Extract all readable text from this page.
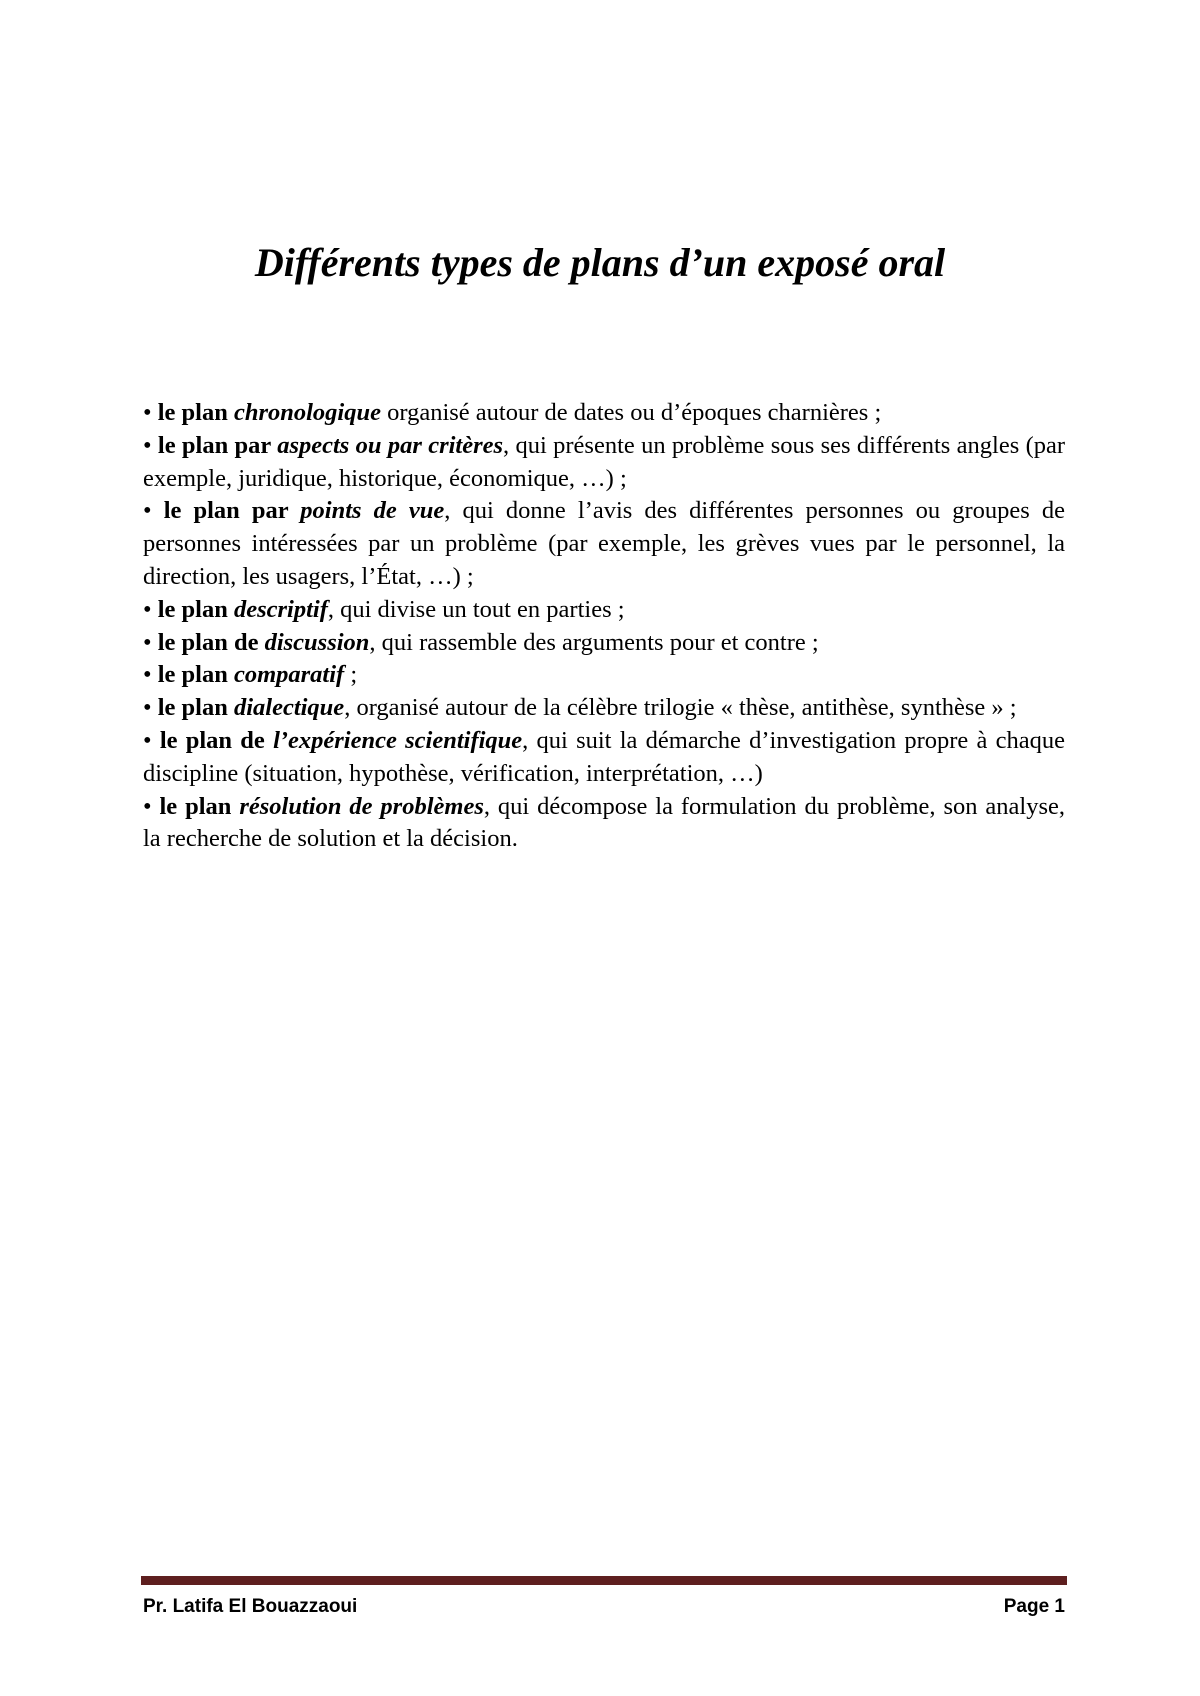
Différents types de plans d’un exposé oral

• le plan chronologique organisé autour de dates ou d’époques charnières ;

• le plan par aspects ou par critères, qui présente un problème sous ses différents angles (par exemple, juridique, historique, économique, …) ;

• le plan par points de vue, qui donne l’avis des différentes personnes ou groupes de personnes intéressées par un problème (par exemple, les grèves vues par le personnel, la direction, les usagers, l’État, …) ;

• le plan descriptif, qui divise un tout en parties ;

• le plan de discussion, qui rassemble des arguments pour et contre ;

• le plan comparatif ;

• le plan dialectique, organisé autour de la célèbre trilogie « thèse, antithèse, synthèse » ;

• le plan de l’expérience scientifique, qui suit la démarche d’investigation propre à chaque discipline (situation, hypothèse, vérification, interprétation, …)

• le plan résolution de problèmes, qui décompose la formulation du problème, son analyse, la recherche de solution et la décision.

Pr. Latifa El Bouazzaoui	Page 1
